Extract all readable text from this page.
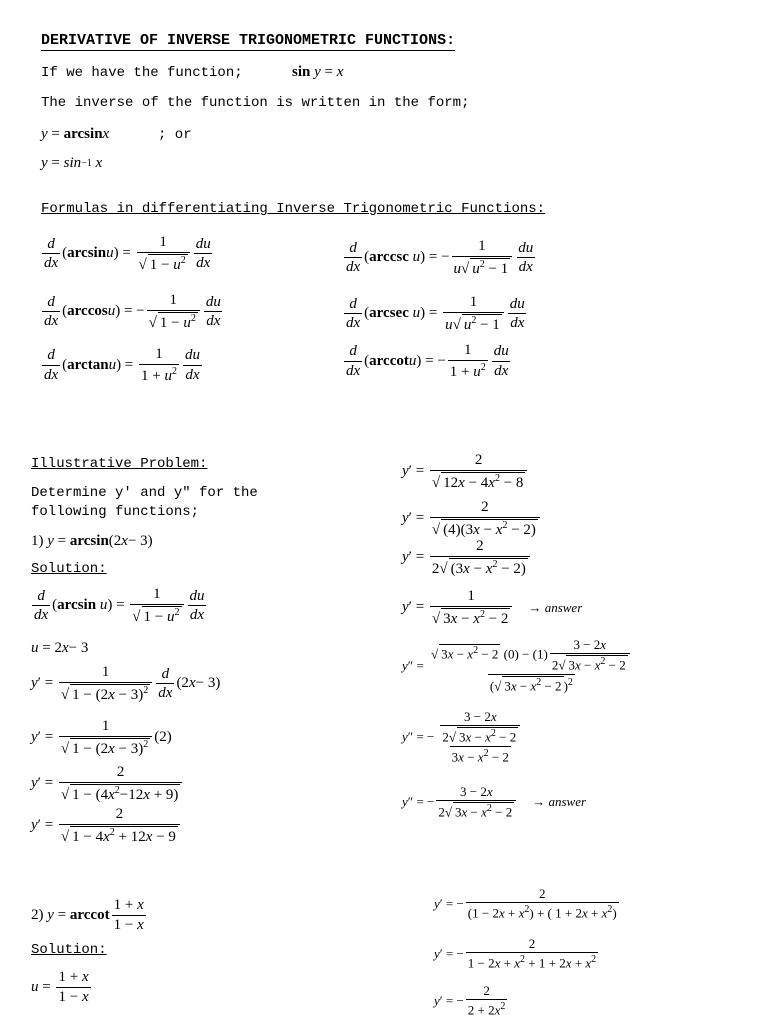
DERIVATIVE OF INVERSE TRIGONOMETRIC FUNCTIONS:
If we have the function;	sin
y = x
The inverse of the function is written in the form;
y = arcsin x	; or
y = sin −1
x
Formulas in differentiating Inverse Trigonometric Functions:
$\frac{d}{dx}$ ( arcsin u ) = $\frac{1}{√ 1 - u^2} \frac{du}{dx}$
$\frac{d}{dx}$ ( arccos u ) = − $\frac{1}{√ 1 - u^2} \frac{du}{dx}$
$\frac{d}{dx}$ ( arctan u ) = $\frac{1}{1 + u^2} \frac{du}{dx}$
$\frac{d}{dx}$ ( arccsc
u ) = − $\frac{1}{u√ u^2 - 1} \frac{du}{dx}$
$\frac{d}{dx}$ ( arcsec
u ) = $\frac{1}{u√ u^2 - 1} \frac{du}{dx}$
$\frac{d}{dx}$ ( arccot u ) = − $\frac{1}{1 + u^2} \frac{du}{dx}$
Illustrative Problem:
Determine y′ and y″ for the
following functions;
1)
y = arcsin (2 x − 3)
Solution:
$\frac{d}{dx}$ ( arcsin
u ) = $\frac{1}{√ 1 - u^2} \frac{du}{dx}$
u = 2 x − 3
y ′ = $\frac{1}{√ 1 - (2x - 3)^2} \frac{d}{dx} (2$ x − 3)
y ′ = $\frac{1}{√ 1 - (2x - 3)^2} (2)$
y ′ = $\frac{2}{√ 1 - (4x^2-12x + 9)}$
y ′ = $\frac{2}{√ 1 - 4x^2 + 12x - 9}$
y ′ = $\frac{2}{√ 12x - 4x^2 - 8}$
y ′ = $\frac{2}{√ (4)(3x - x^2 - 2)}$
y ′ = $\frac{2}{2√ (3x - x^2 - 2)}$
y ′ = $\frac{1}{√ 3x - x^2 - 2}$ → answer
y ″ = $\frac{√ 3x - x^2 - 2 (0) - (1) \frac{3 - 2x}{2√ 3x - x^2 - 2}}{(√ 3x - x^2 - 2 )^2}$
y ″ = − $\frac{\frac{3 - 2x}{2√ 3x - x^2 - 2}}{3x - x^2 - 2}$
y ″ = − $\frac{3 - 2x}{2√ 3x - x^2 - 2}$ → answer
2)
y = arccot $\frac{1 + x}{1 - x}$
Solution:
$u = \frac{1 + x}{1 - x}$
y ′ = − $\frac{2}{(1 - 2x + x^2) + ( 1 + 2x + x^2)}$
y ′ = − $\frac{2}{1 - 2x + x^2 + 1 + 2x + x^2}$
y ′ = − $\frac{2}{2 + 2x^2}$
